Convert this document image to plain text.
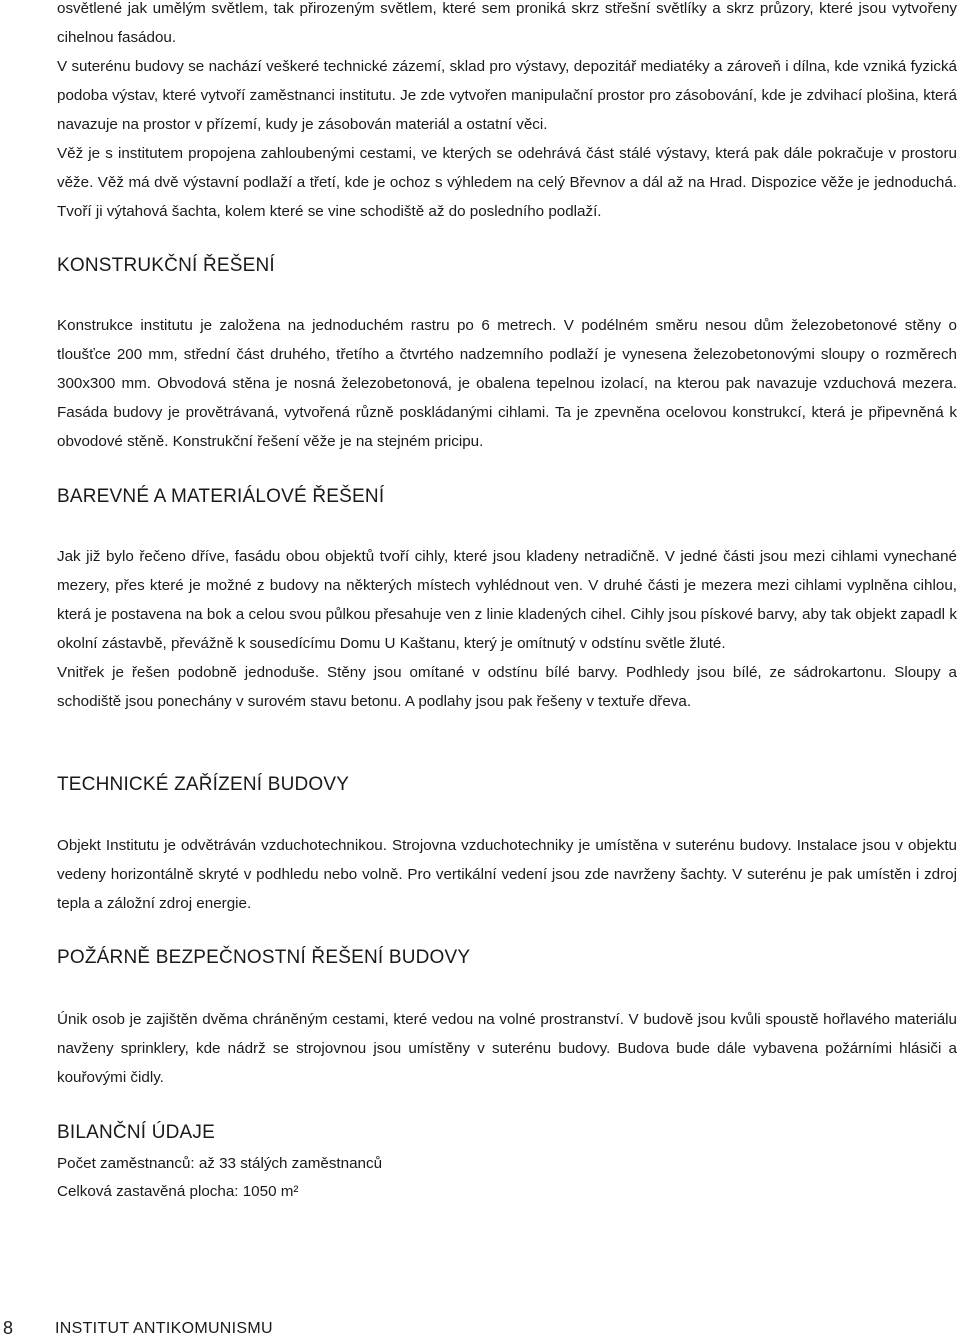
osvětlené jak umělým světlem, tak přirozeným světlem, které sem proniká skrz střešní světlíky a skrz průzory, které jsou vytvořeny cihelnou fasádou.

V suterénu budovy se nachází veškeré technické zázemí, sklad pro výstavy, depozitář mediatéky a zároveň i dílna, kde vzniká fyzická podoba výstav, které vytvoří zaměstnanci institutu. Je zde vytvořen manipulační prostor pro zásobování, kde je zdvihací plošina, která navazuje na prostor v přízemí, kudy je zásobován materiál a ostatní věci.

Věž je s institutem propojena zahloubenými cestami, ve kterých se odehrává část stálé výstavy, která pak dále pokračuje v prostoru věže. Věž má dvě výstavní podlaží a třetí, kde je ochoz s výhledem na celý Břevnov a dál až na Hrad. Dispozice věže je jednoduchá. Tvoří ji výtahová šachta, kolem které se vine schodiště až do posledního podlaží.

KONSTRUKČNÍ ŘEŠENÍ

Konstrukce institutu je založena na jednoduchém rastru po 6 metrech. V podélném směru nesou dům železobetonové stěny o tloušťce 200 mm, střední část druhého, třetího a čtvrtého nadzemního podlaží je vynesena železobetonovými sloupy o rozměrech 300x300 mm. Obvodová stěna je nosná železobetonová, je obalena tepelnou izolací, na kterou pak navazuje vzduchová mezera. Fasáda budovy je provětrávaná, vytvořená různě poskládanými cihlami. Ta je zpevněna ocelovou konstrukcí, která je připevněná k obvodové stěně. Konstrukční řešení věže je na stejném pricipu.

BAREVNÉ A MATERIÁLOVÉ ŘEŠENÍ

Jak již bylo řečeno dříve, fasádu obou objektů tvoří cihly, které jsou kladeny netradičně. V jedné části jsou mezi cihlami vynechané mezery, přes které je možné z budovy na některých místech vyhlédnout ven. V druhé části je mezera mezi cihlami vyplněna cihlou, která je postavena na bok a celou svou půlkou přesahuje ven z linie kladených cihel. Cihly jsou pískové barvy, aby tak objekt zapadl k okolní zástavbě, převážně k sousedícímu Domu U Kaštanu, který je omítnutý v odstínu světle žluté.

Vnitřek je řešen podobně jednoduše. Stěny jsou omítané v odstínu bílé barvy. Podhledy jsou bílé, ze sádrokartonu. Sloupy a schodiště jsou ponechány v surovém stavu betonu. A podlahy jsou pak řešeny v textuře dřeva.

TECHNICKÉ ZAŘÍZENÍ BUDOVY

Objekt Institutu je odvětráván vzduchotechnikou. Strojovna vzduchotechniky je umístěna v suterénu budovy. Instalace jsou v objektu vedeny horizontálně skryté v podhledu nebo volně. Pro vertikální vedení jsou zde navrženy šachty. V suterénu je pak umístěn i zdroj tepla a záložní zdroj energie.

POŽÁRNĚ BEZPEČNOSTNÍ ŘEŠENÍ BUDOVY

Únik osob je zajištěn dvěma chráněným cestami, které vedou na volné prostranství. V budově jsou kvůli spoustě hořlavého materiálu navženy sprinklery, kde nádrž se strojovnou jsou umístěny v suterénu budovy. Budova bude dále vybavena požárními hlásiči a kouřovými čidly.

BILANČNÍ ÚDAJE

Počet zaměstnanců: až 33 stálých zaměstnanců

Celková zastavěná plocha: 1050 m²

8	INSTITUT ANTIKOMUNISMU
